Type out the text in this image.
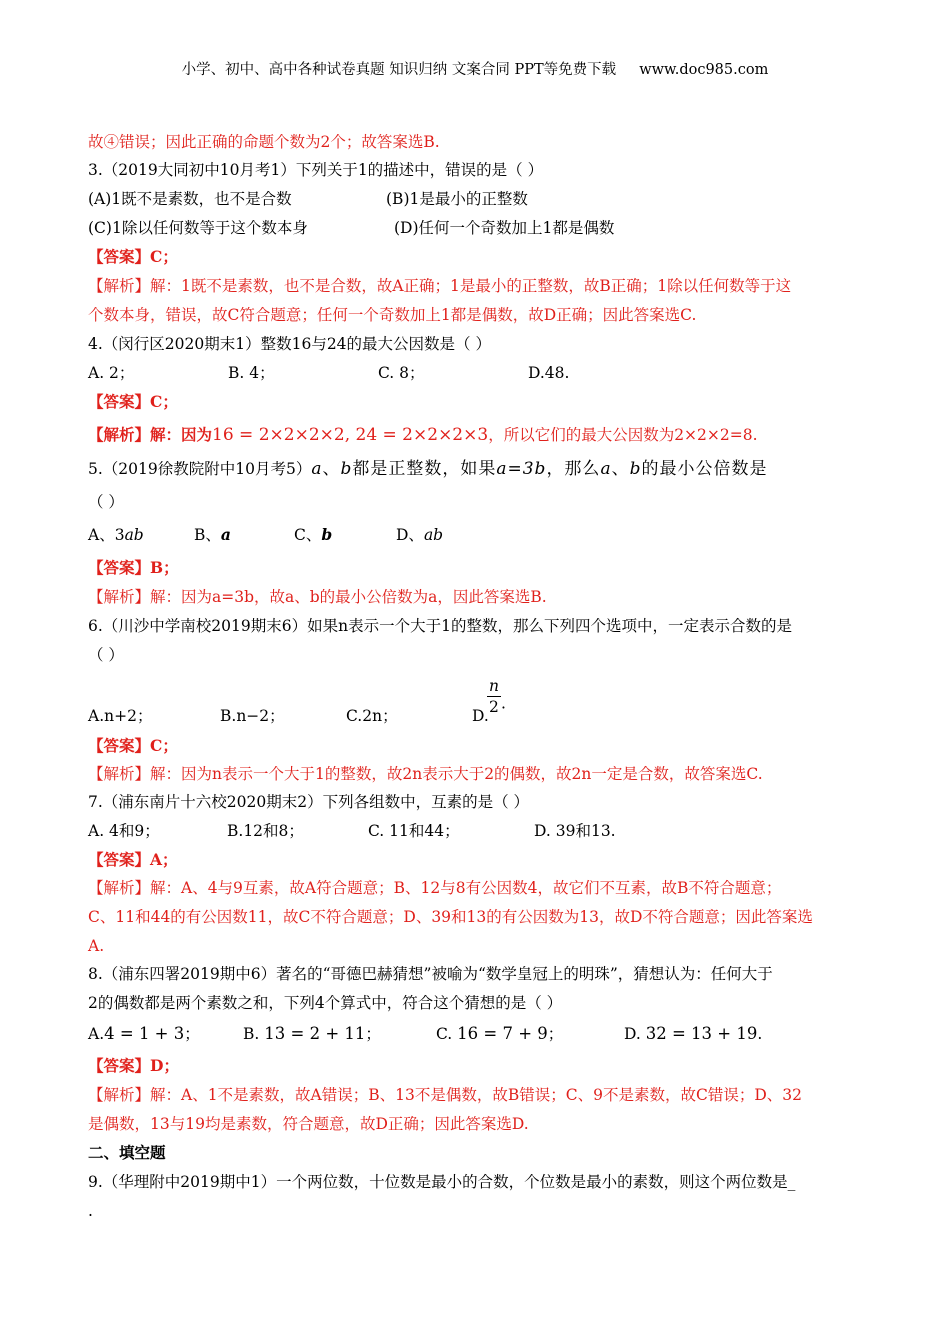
小学、初中、高中各种试卷真题 知识归纳 文案合同 PPT等免费下载     www.doc985.com
故④错误；因此正确的命题个数为2个；故答案选B.
3.（2019大同初中10月考1）下列关于1的描述中，错误的是（ ）
(A)1既不是素数，也不是合数	(B)1是最小的正整数
(C)1除以任何数等于这个数本身	(D)任何一个奇数加上1都是偶数
【答案】C；
【解析】解：1既不是素数，也不是合数，故A正确；1是最小的正整数，故B正确；1除以任何数等于这
个数本身，错误，故C符合题意；任何一个奇数加上1都是偶数，故D正确；因此答案选C.
4.（闵行区2020期末1）整数16与24的最大公因数是（ ）
A. 2；	B. 4；	C. 8；	D.48.
【答案】C；
【解析】解：因为16 = 2×2×2×2, 24 = 2×2×2×3，所以它们的最大公因数为2×2×2=8.
5.（2019徐教院附中10月考5）a、b都是正整数，如果a=3b，那么a、b的最小公倍数是
（ ）
A、3ab	B、a	C、b	D、ab
【答案】B；
【解析】解：因为a=3b，故a、b的最小公倍数为a，因此答案选B.
6.（川沙中学南校2019期末6）如果n表示一个大于1的整数，那么下列四个选项中，一定表示合数的是
（ ）
A.n+2；	B.n−2；	C.2n；	D.
$\frac{n}{2}$ .
【答案】C；
【解析】解：因为n表示一个大于1的整数，故2n表示大于2的偶数，故2n一定是合数，故答案选C.
7.（浦东南片十六校2020期末2）下列各组数中，互素的是（ ）
A. 4和9；	B.12和8；	C. 11和44；	D. 39和13.
【答案】A；
【解析】解：A、4与9互素，故A符合题意；B、12与8有公因数4，故它们不互素，故B不符合题意；
C、11和44的有公因数11，故C不符合题意；D、39和13的有公因数为13，故D不符合题意；因此答案选
A.
8.（浦东四署2019期中6）著名的“哥德巴赫猜想”被喻为“数学皇冠上的明珠”，猜想认为：任何大于
2的偶数都是两个素数之和，下列4个算式中，符合这个猜想的是（ ）
A.4 = 1 + 3；	B. 13 = 2 + 11；	C. 16 = 7 + 9；	D. 32 = 13 + 19.
【答案】D；
【解析】解：A、1不是素数，故A错误；B、13不是偶数，故B错误；C、9不是素数，故C错误；D、32
是偶数，13与19均是素数，符合题意，故D正确；因此答案选D.
二、填空题
9.（华理附中2019期中1）一个两位数，十位数是最小的合数，个位数是最小的素数，则这个两位数是_
.
